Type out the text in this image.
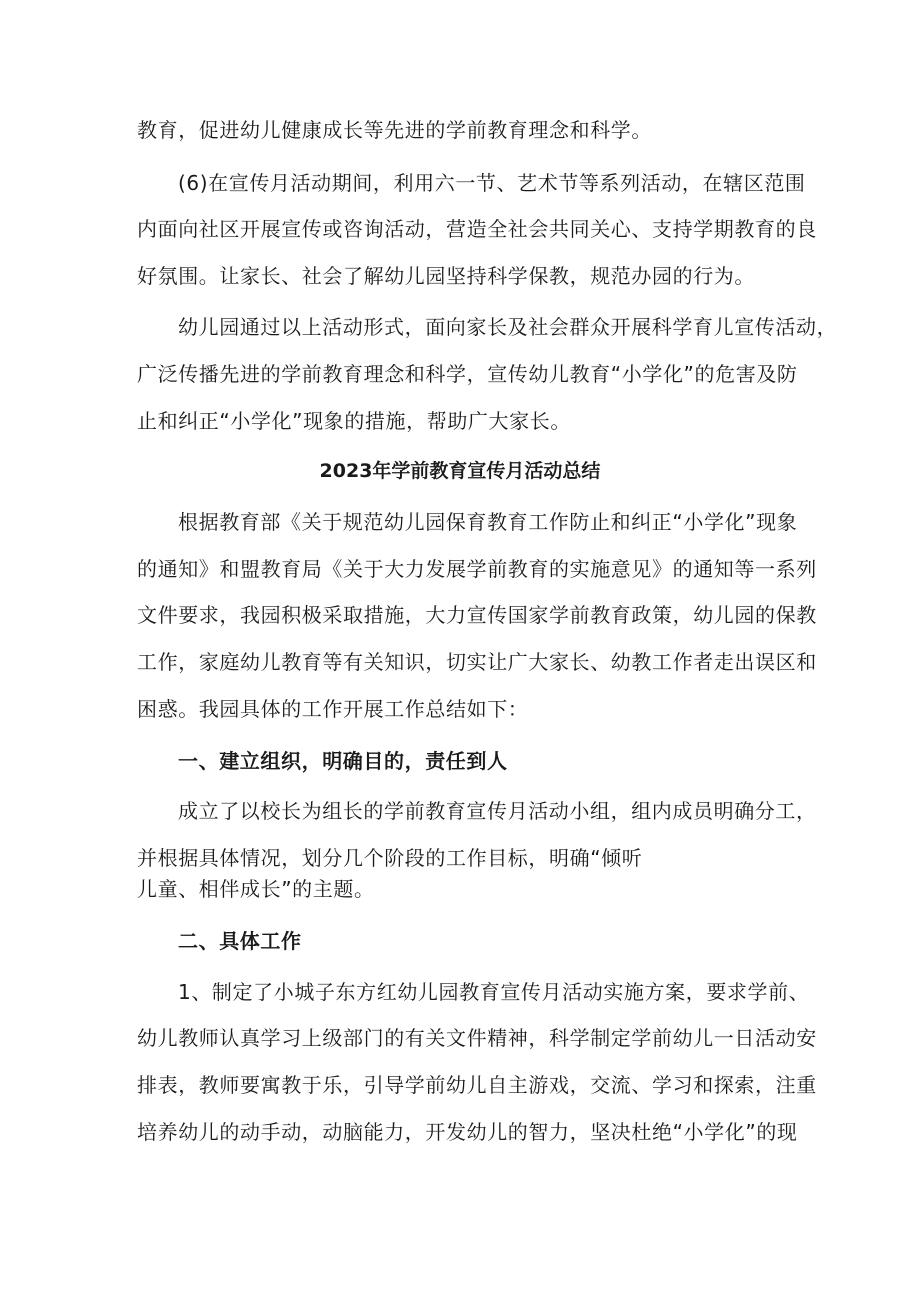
教育，促进幼儿健康成长等先进的学前教育理念和科学。
(6)在宣传月活动期间，利用六一节、艺术节等系列活动，在辖区范围
内面向社区开展宣传或咨询活动，营造全社会共同关心、支持学期教育的良
好氛围。让家长、社会了解幼儿园坚持科学保教，规范办园的行为。
幼儿园通过以上活动形式，面向家长及社会群众开展科学育儿宣传活动，
广泛传播先进的学前教育理念和科学，宣传幼儿教育“小学化”的危害及防
止和纠正“小学化”现象的措施，帮助广大家长。
2023年学前教育宣传月活动总结
根据教育部《关于规范幼儿园保育教育工作防止和纠正“小学化”现象
的通知》和盟教育局《关于大力发展学前教育的实施意见》的通知等一系列
文件要求，我园积极采取措施，大力宣传国家学前教育政策，幼儿园的保教
工作，家庭幼儿教育等有关知识，切实让广大家长、幼教工作者走出误区和
困惑。我园具体的工作开展工作总结如下：
一、建立组织，明确目的，责任到人
成立了以校长为组长的学前教育宣传月活动小组，组内成员明确分工，
并根据具体情况，划分几个阶段的工作目标，明确“倾听
儿童、相伴成长”的主题。
二、具体工作
1、制定了小城子东方红幼儿园教育宣传月活动实施方案，要求学前、
幼儿教师认真学习上级部门的有关文件精神，科学制定学前幼儿一日活动安
排表，教师要寓教于乐，引导学前幼儿自主游戏，交流、学习和探索，注重
培养幼儿的动手动，动脑能力，开发幼儿的智力，坚决杜绝“小学化”的现
